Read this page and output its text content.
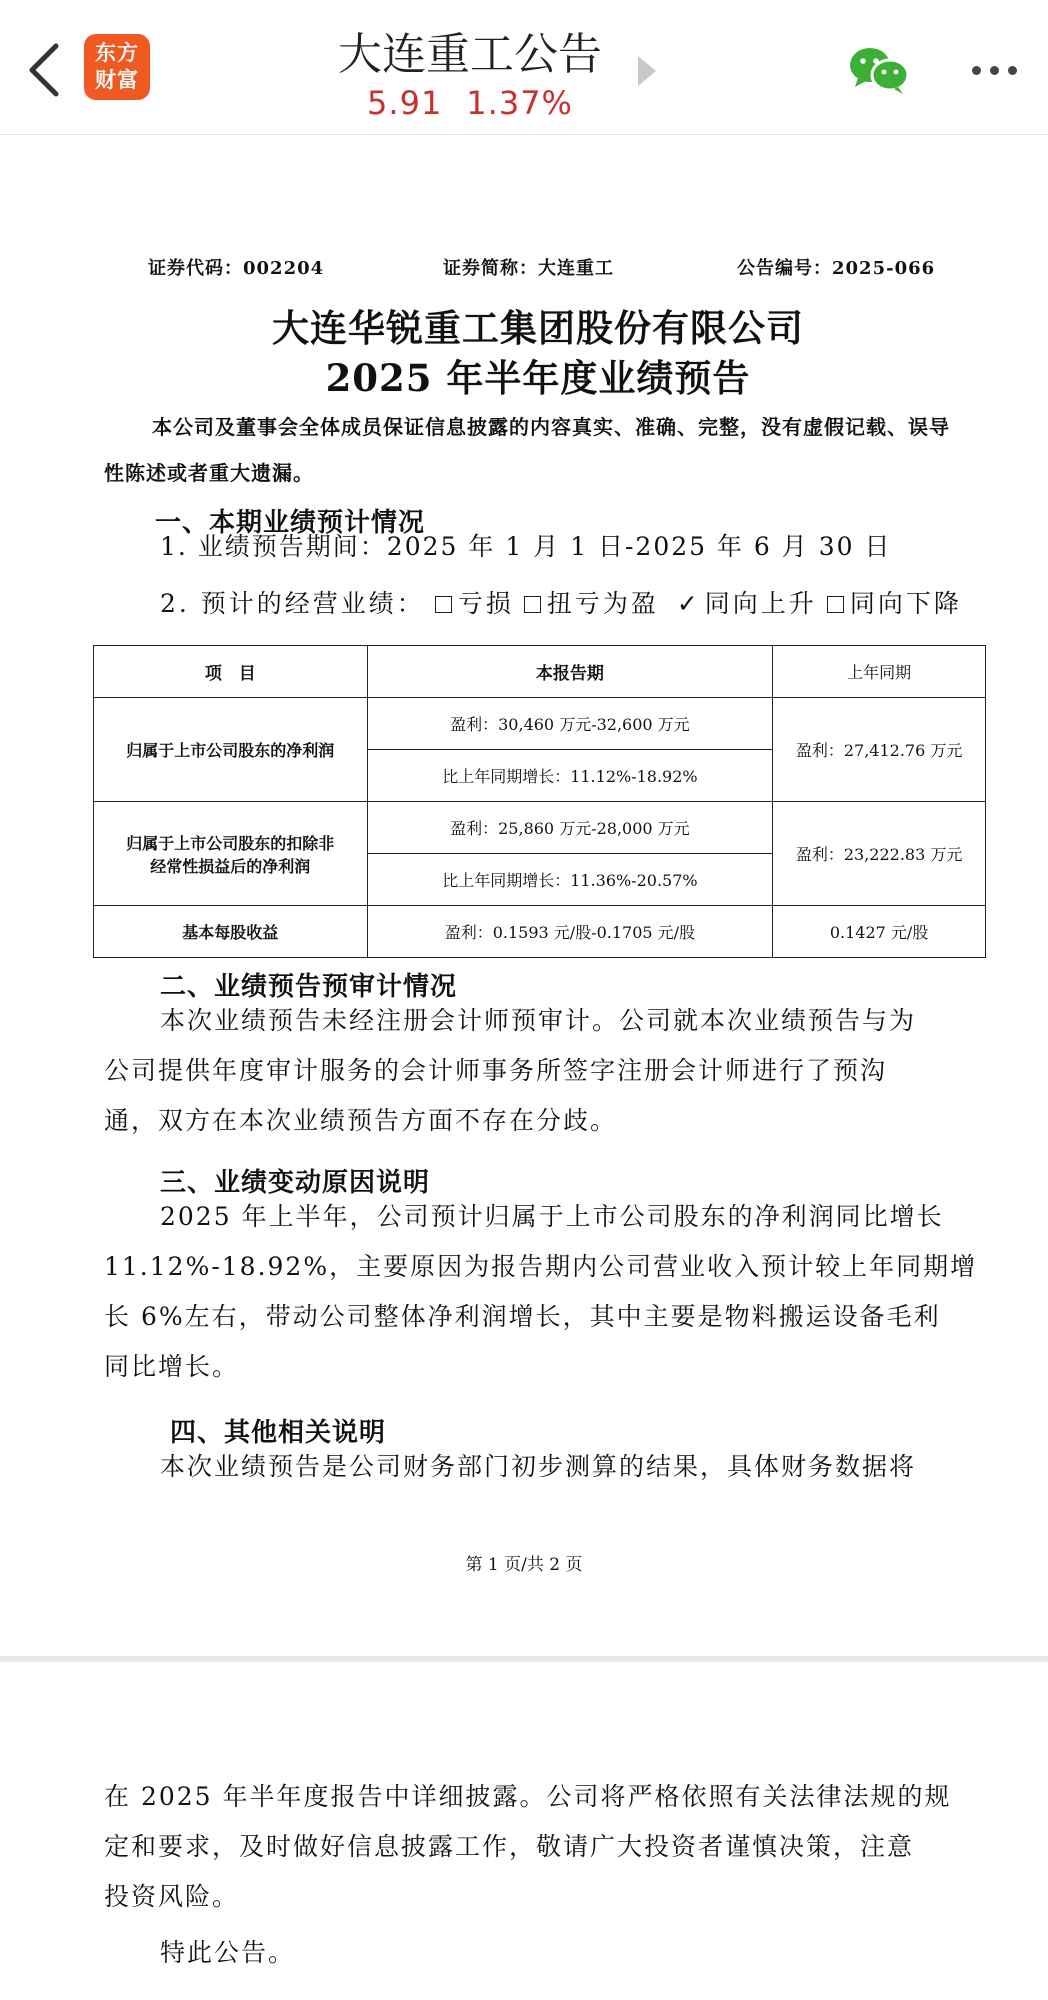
东方
财富	大连重工公告
5.91 1.37%
证券代码：002204	证券简称：大连重工	公告编号：2025-066
大连华锐重工集团股份有限公司
2025 年半年度业绩预告
本公司及董事会全体成员保证信息披露的内容真实、准确、完整，没有虚假记载、误导
性陈述或者重大遗漏。
一、本期业绩预计情况
1. 业绩预告期间：2025 年 1 月 1 日-2025 年 6 月 30 日
2. 预计的经营业绩： 亏损 扭亏为盈 ✓ 同向上升 同向下降
项　目	本报告期	上年同期
归属于上市公司股东的净利润	盈利：30,460 万元-32,600 万元	盈利：27,412.76 万元
	比上年同期增长：11.12%-18.92%	

归属于上市公司股东的扣除非
经常性损益后的净利润	盈利：25,860 万元-28,000 万元	盈利：23,222.83 万元
	比上年同期增长：11.36%-20.57%	
基本每股收益	盈利：0.1593 元/股-0.1705 元/股	0.1427 元/股
二、业绩预告预审计情况
本次业绩预告未经注册会计师预审计。公司就本次业绩预告与为
公司提供年度审计服务的会计师事务所签字注册会计师进行了预沟
通，双方在本次业绩预告方面不存在分歧。
三、业绩变动原因说明
2025 年上半年，公司预计归属于上市公司股东的净利润同比增长
11.12%-18.92%，主要原因为报告期内公司营业收入预计较上年同期增
长 6%左右，带动公司整体净利润增长，其中主要是物料搬运设备毛利
同比增长。
四、其他相关说明
本次业绩预告是公司财务部门初步测算的结果，具体财务数据将
第 1 页/共 2 页
在 2025 年半年度报告中详细披露。公司将严格依照有关法律法规的规
定和要求，及时做好信息披露工作，敬请广大投资者谨慎决策，注意
投资风险。
特此公告。
